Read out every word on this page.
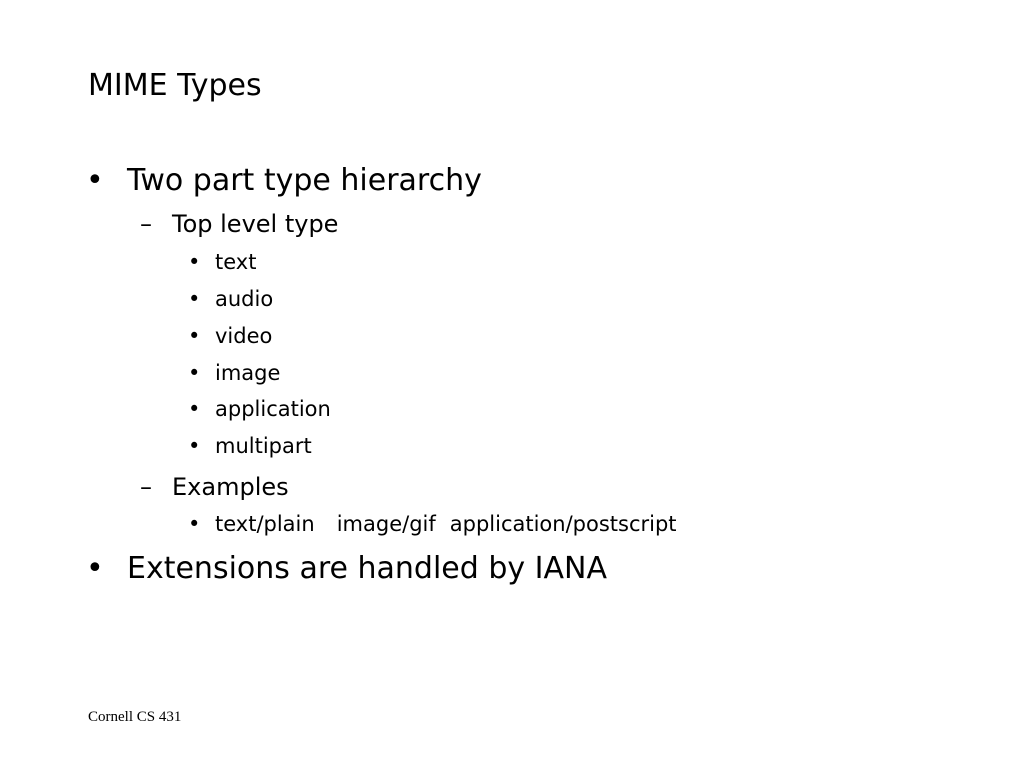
MIME Types
• Two part type hierarchy
– Top level type
• text
• audio
• video
• image
• application
• multipart
– Examples
• text/plain image/gif application/postscript
• Extensions are handled by IANA
Cornell CS 431
